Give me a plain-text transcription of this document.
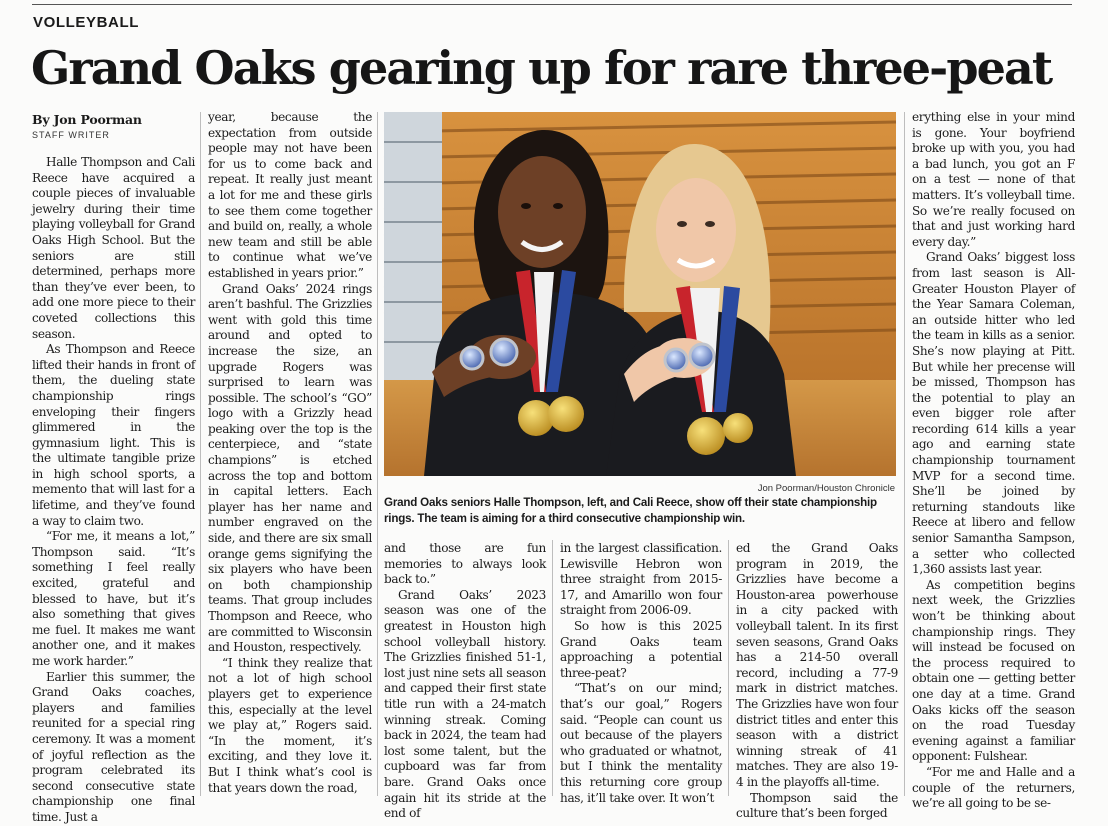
VOLLEYBALL
Grand Oaks gearing up for rare three-peat
By Jon Poorman
STAFF WRITER

Halle Thompson and Cali Reece have acquired a couple pieces of invaluable jewelry during their time playing volleyball for Grand Oaks High School. But the seniors are still determined, perhaps more than they’ve ever been, to add one more piece to their coveted collections this season.

As Thompson and Reece lifted their hands in front of them, the dueling state championship rings enveloping their fingers glimmered in the gymnasium light. This is the ultimate tangible prize in high school sports, a memento that will last for a lifetime, and they’ve found a way to claim two.

“For me, it means a lot,” Thompson said. “It’s something I feel really excited, grateful and blessed to have, but it’s also something that gives me fuel. It makes me want another one, and it makes me work harder.”

Earlier this summer, the Grand Oaks coaches, players and families reunited for a special ring ceremony. It was a moment of joyful reflection as the program celebrated its second consecutive state championship one final time. Just a

year, because the expectation from outside people may not have been for us to come back and repeat. It really just meant a lot for me and these girls to see them come together and build on, really, a whole new team and still be able to continue what we’ve established in years prior.”

Grand Oaks’ 2024 rings aren’t bashful. The Grizzlies went with gold this time around and opted to increase the size, an upgrade Rogers was surprised to learn was possible. The school’s “GO” logo with a Grizzly head peaking over the top is the centerpiece, and “state champions” is etched across the top and bottom in capital letters. Each player has her name and number engraved on the side, and there are six small orange gems signifying the six players who have been on both championship teams. That group includes Thompson and Reece, who are committed to Wisconsin and Houston, respectively.

“I think they realize that not a lot of high school players get to experience this, especially at the level we play at,” Rogers said. “In the moment, it’s exciting, and they love it. But I think what’s cool is that years down the road,

Jon Poorman/Houston Chronicle
Grand Oaks seniors Halle Thompson, left, and Cali Reece, show off their state championship rings. The team is aiming for a third consecutive championship win.

and those are fun memories to always look back to.”

Grand Oaks’ 2023 season was one of the greatest in Houston high school volleyball history. The Grizzlies finished 51-1, lost just nine sets all season and capped their first state title run with a 24-match winning streak. Coming back in 2024, the team had lost some talent, but the cupboard was far from bare. Grand Oaks once again hit its stride at the end of

in the largest classification. Lewisville Hebron won three straight from 2015-17, and Amarillo won four straight from 2006-09.

So how is this 2025 Grand Oaks team approaching a potential three-peat?

“That’s on our mind; that’s our goal,” Rogers said. “People can count us out because of the players who graduated or whatnot, but I think the mentality this returning core group has, it’ll take over. It won’t

ed the Grand Oaks program in 2019, the Grizzlies have become a Houston-area powerhouse in a city packed with volleyball talent. In its first seven seasons, Grand Oaks has a 214-50 overall record, including a 77-9 mark in district matches. The Grizzlies have won four district titles and enter this season with a district winning streak of 41 matches. They are also 19-4 in the playoffs all-time.

Thompson said the culture that’s been forged

erything else in your mind is gone. Your boyfriend broke up with you, you had a bad lunch, you got an F on a test — none of that matters. It’s volleyball time. So we’re really focused on that and just working hard every day.”

Grand Oaks’ biggest loss from last season is All-Greater Houston Player of the Year Samara Coleman, an outside hitter who led the team in kills as a senior. She’s now playing at Pitt. But while her precense will be missed, Thompson has the potential to play an even bigger role after recording 614 kills a year ago and earning state championship tournament MVP for a second time. She’ll be joined by returning standouts like Reece at libero and fellow senior Samantha Sampson, a setter who collected 1,360 assists last year.

As competition begins next week, the Grizzlies won’t be thinking about championship rings. They will instead be focused on the process required to obtain one — getting better one day at a time. Grand Oaks kicks off the season on the road Tuesday evening against a familiar opponent: Fulshear.

“For me and Halle and a couple of the returners, we’re all going to be se-
